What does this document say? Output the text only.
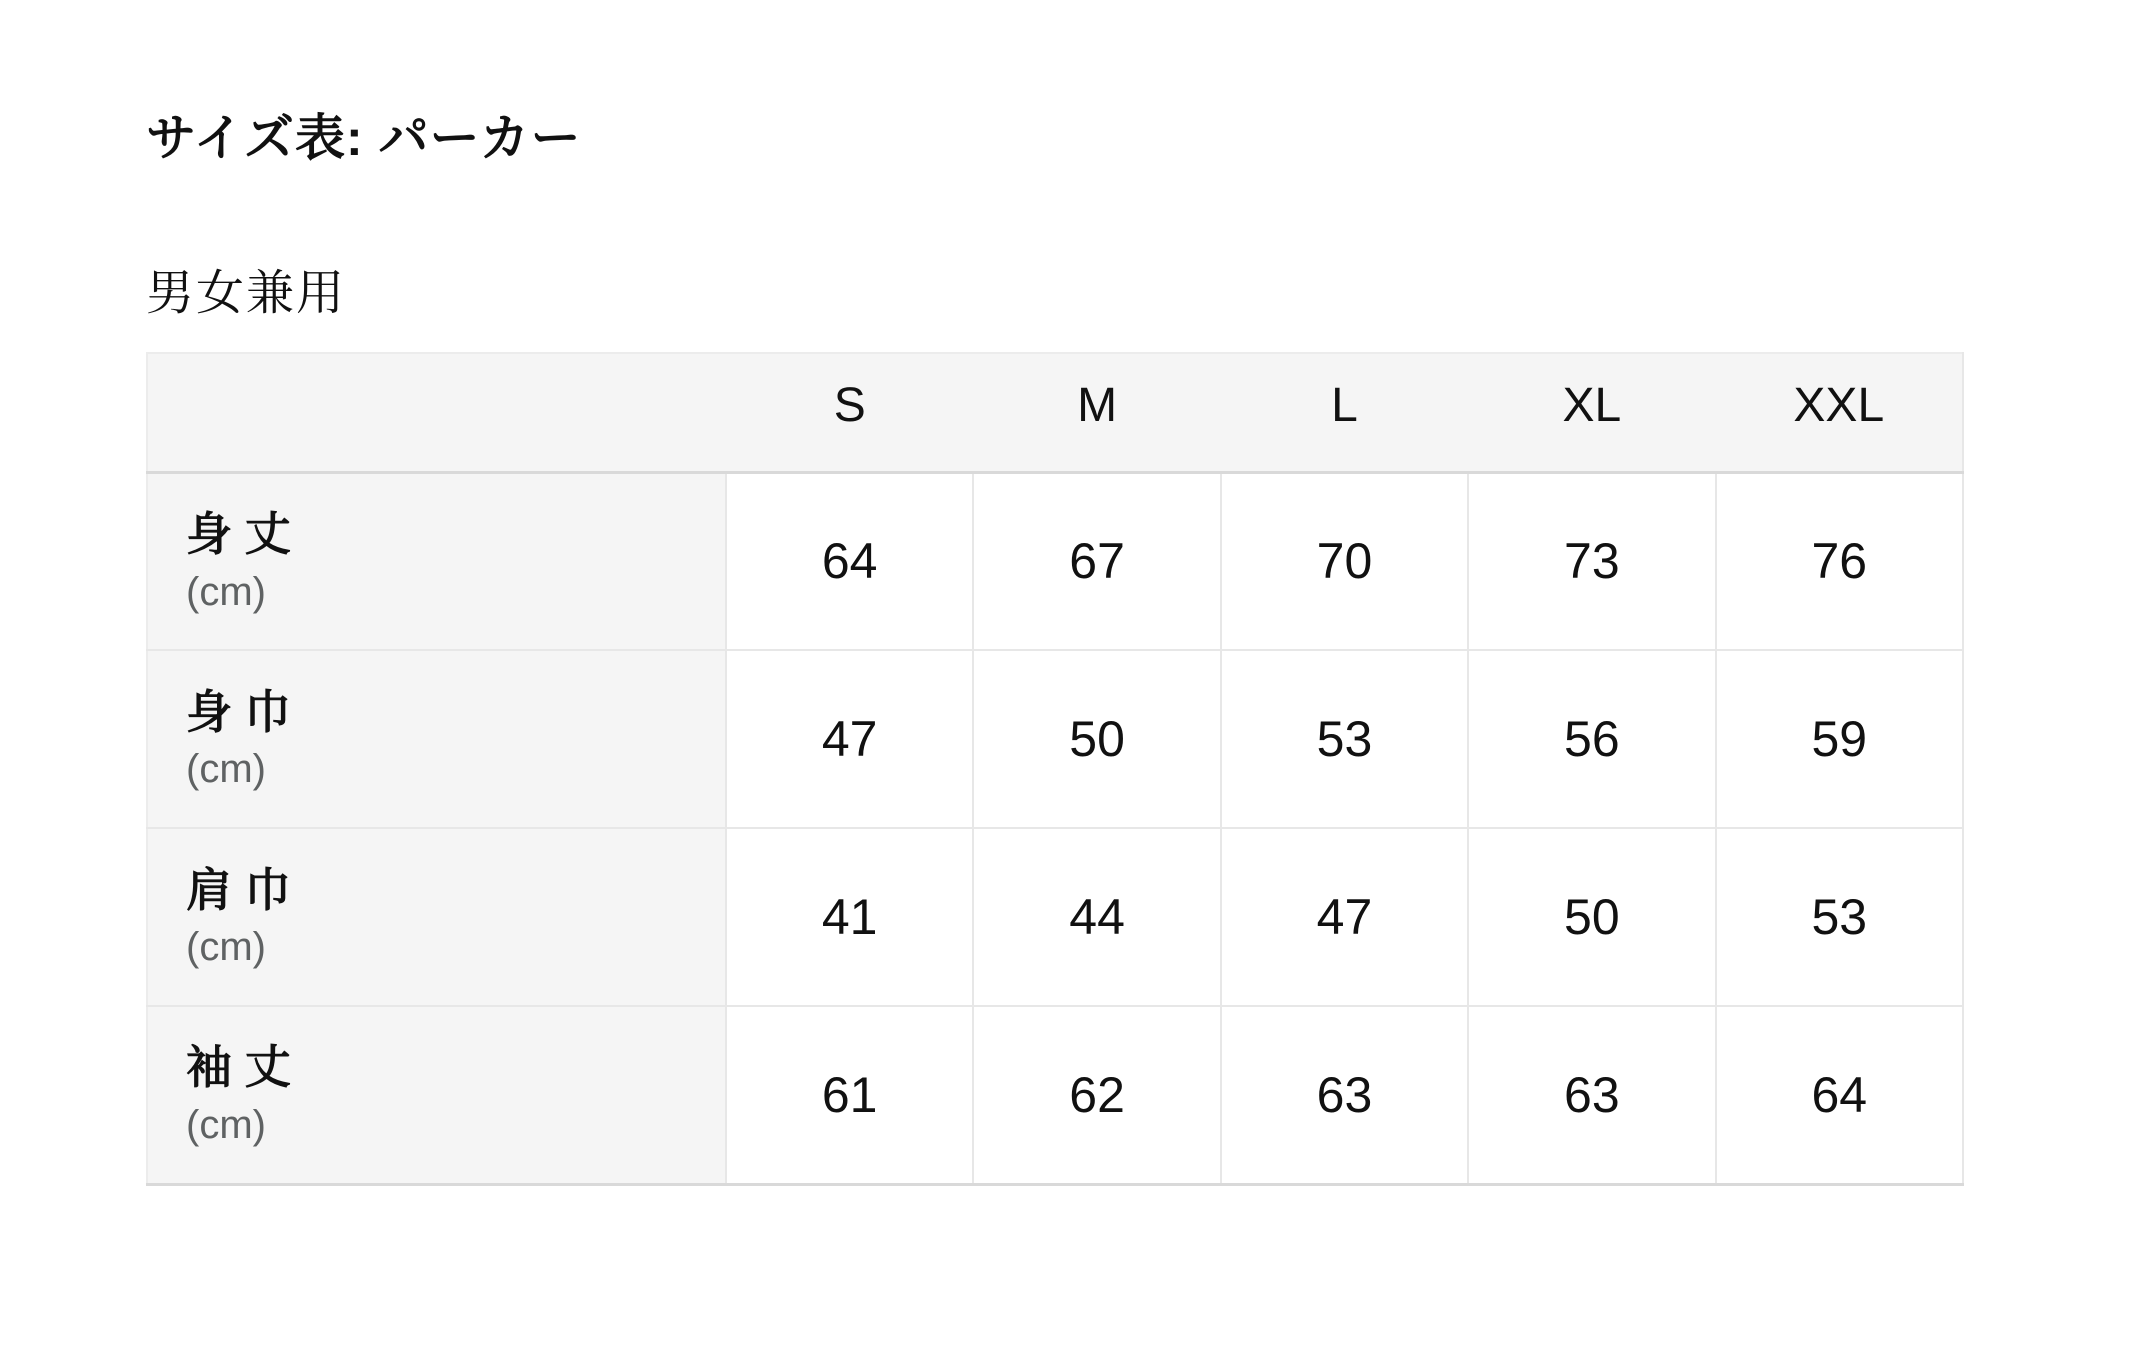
サイズ表: パーカー
男女兼用
	S	M	L	XL	XXL

身 丈
(cm)	64	67	70	73	76

身 巾
(cm)	47	50	53	56	59

肩 巾
(cm)	41	44	47	50	53

袖 丈
(cm)	61	62	63	63	64
